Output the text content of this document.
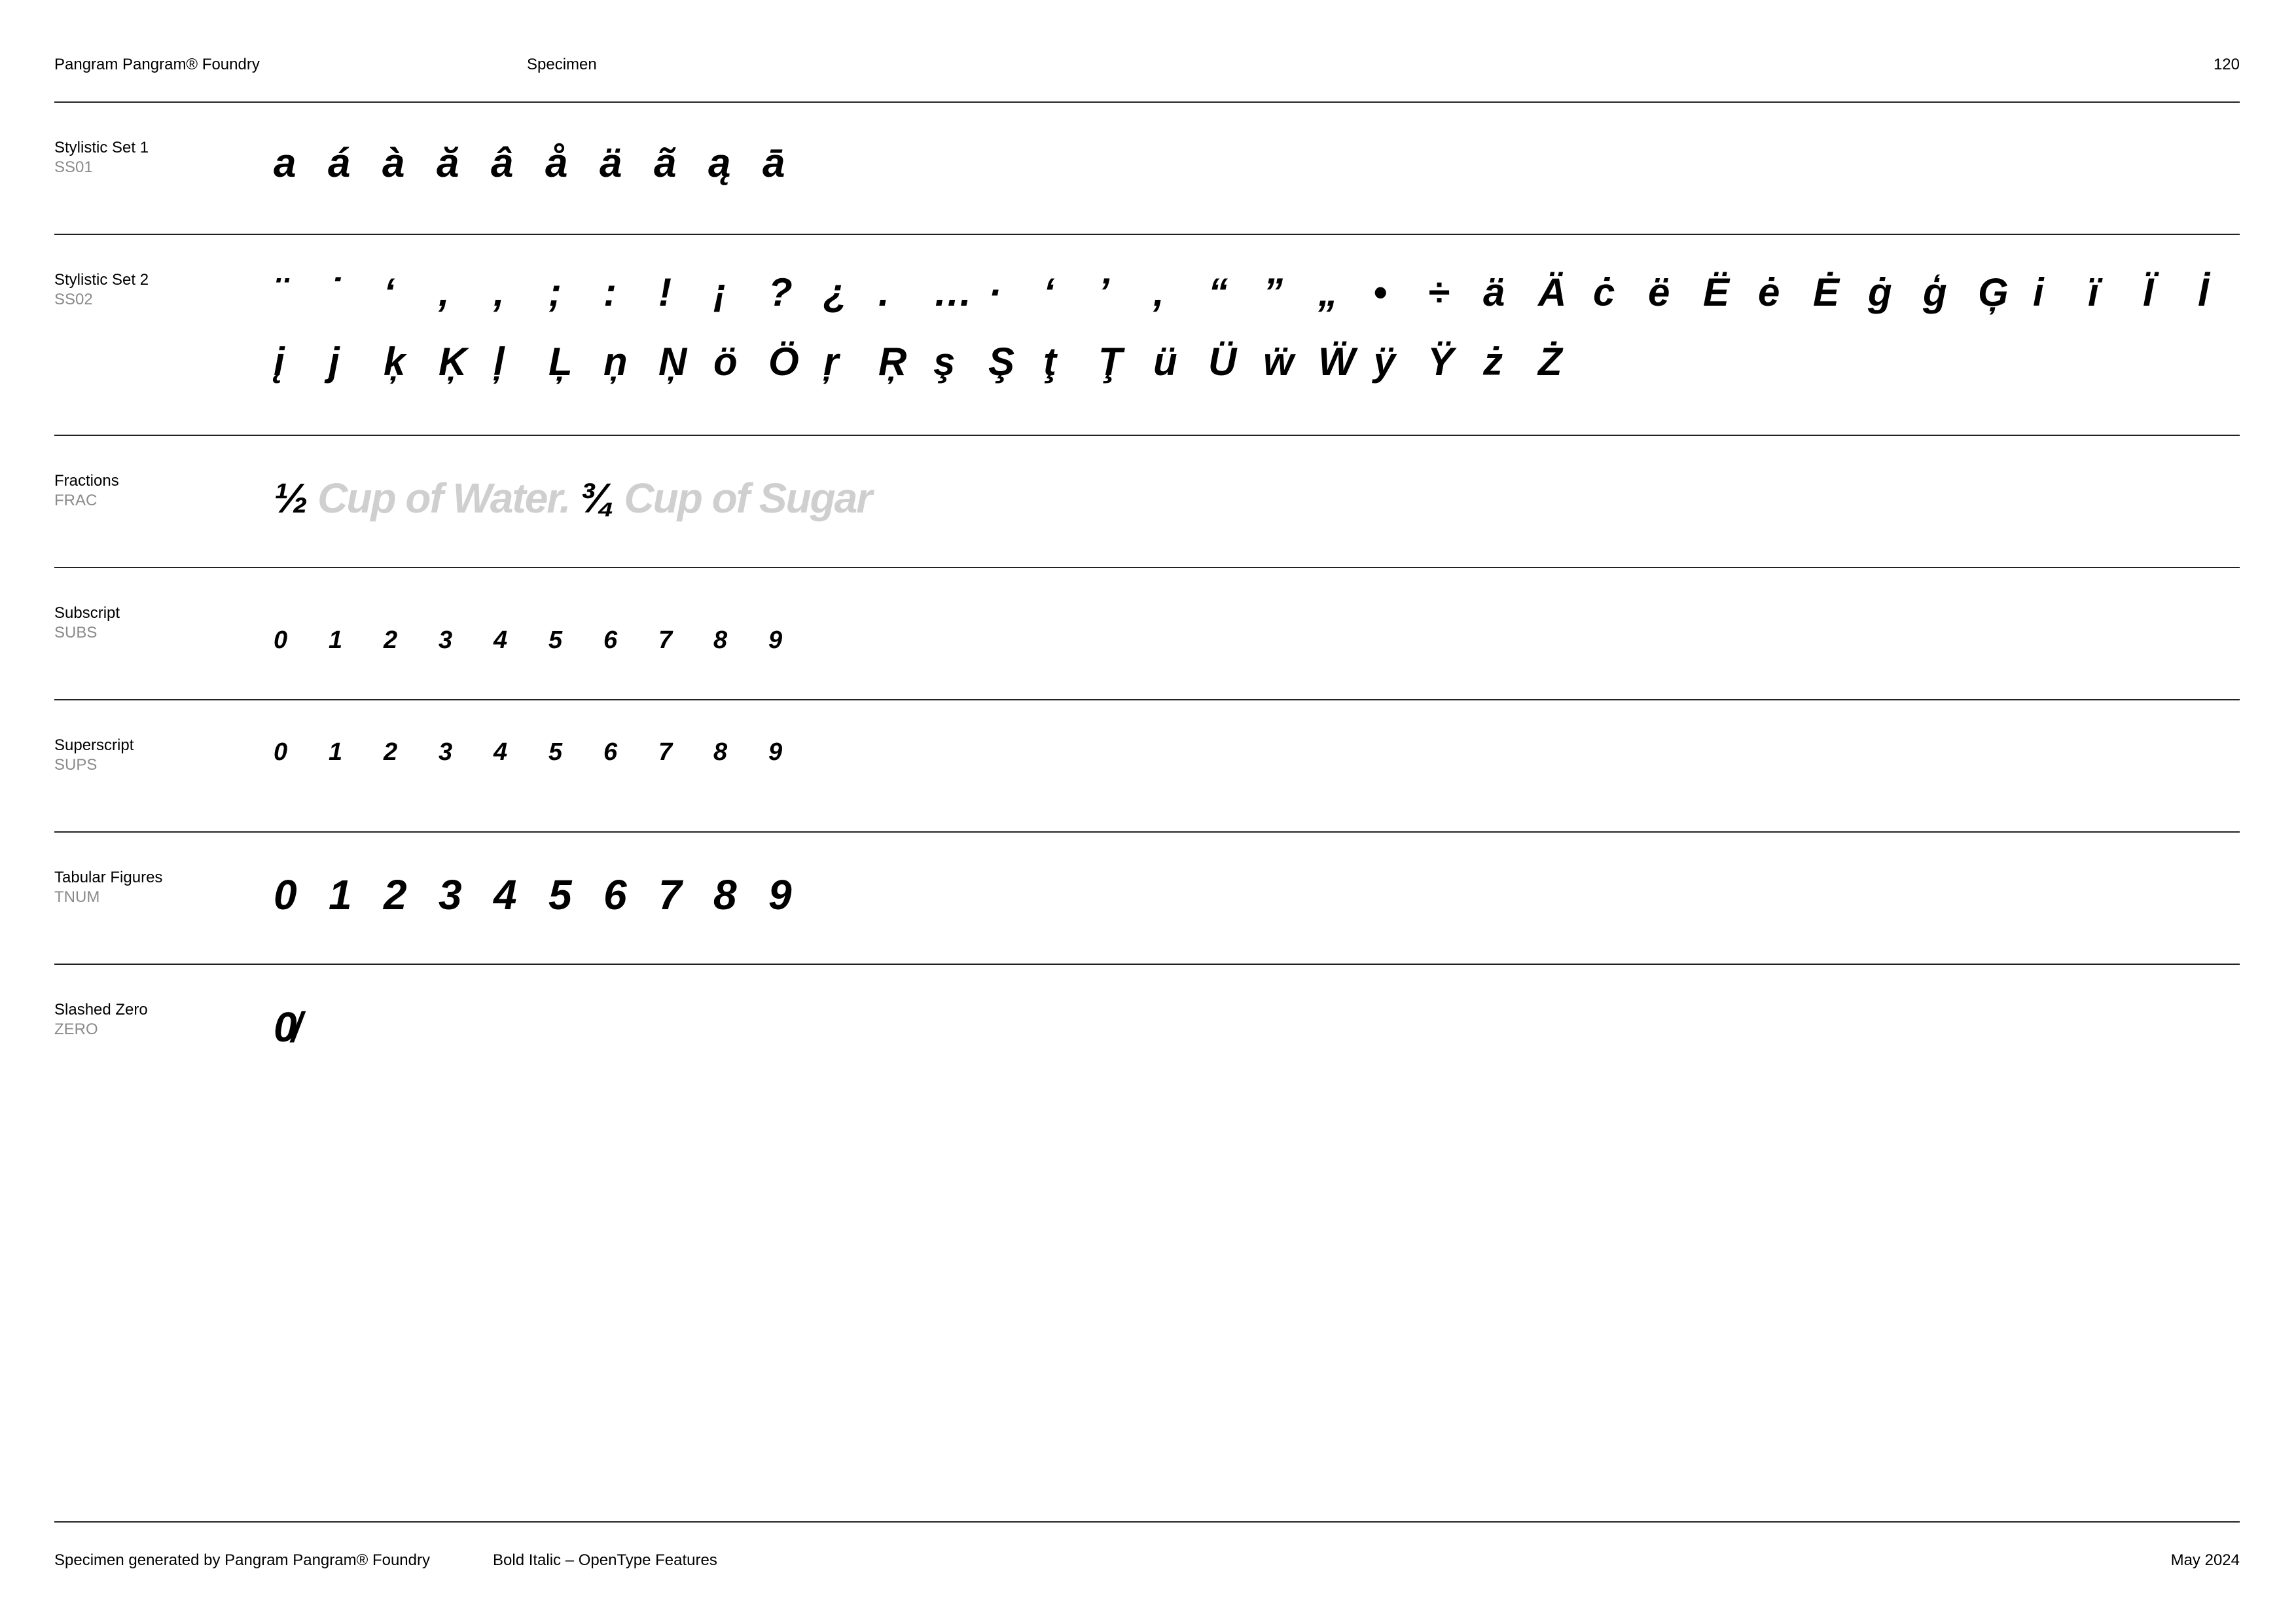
Pangram Pangram® Foundry	Specimen	120
Stylistic Set 1
SS01	a á à ă â å ä ã ą ā
Stylistic Set 2
SS02	¨ ˙ ‘ , , ; : ! ¡ ? ¿ . … · ‘ ’ , “ ” „ • ÷ ä Ä ċ ë Ë ė Ė ġ ģ Ģ i ï Ï İ
į j ķ Ķ ļ Ļ ņ Ņ ö Ö ŗ Ŗ ş Ş ţ Ţ ü Ü ẅ Ẅ ÿ Ÿ ż Ż
Fractions
FRAC	½ Cup of Water. ¾ Cup of Sugar
Subscript
SUBS	0 1 2 3 4 5 6 7 8 9
Superscript
SUPS	0 1 2 3 4 5 6 7 8 9
Tabular Figures
TNUM	0 1 2 3 4 5 6 7 8 9
Slashed Zero
ZERO	0̸
Specimen generated by Pangram Pangram® Foundry	Bold Italic – OpenType Features	May 2024
